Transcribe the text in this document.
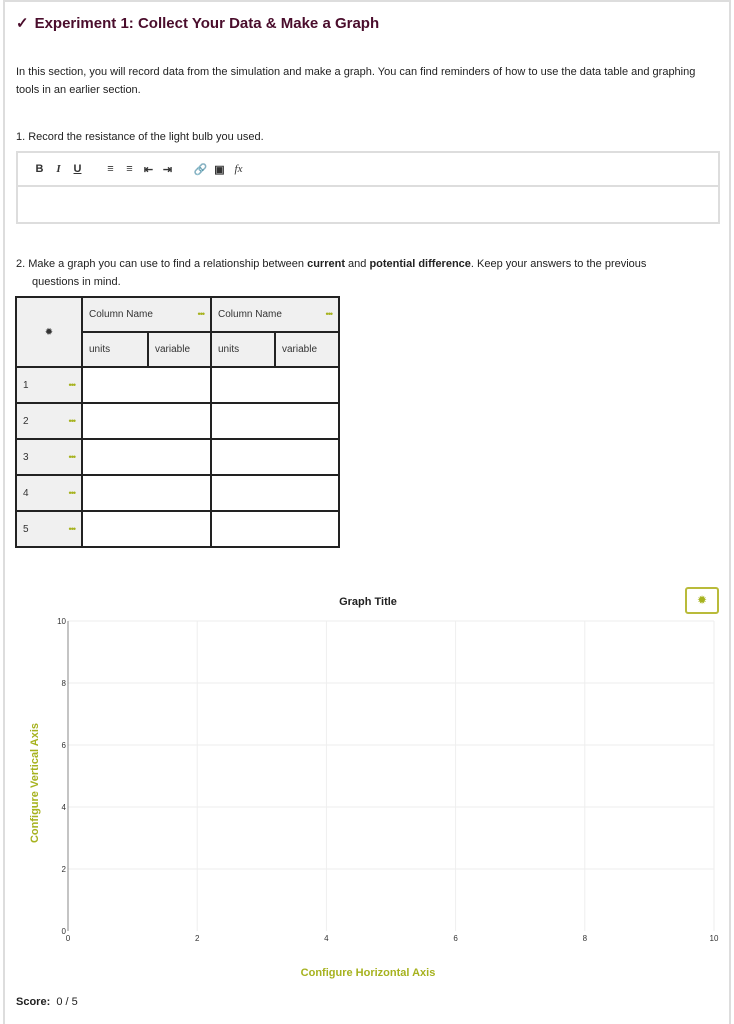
✓ Experiment 1: Collect Your Data & Make a Graph
In this section, you will record data from the simulation and make a graph. You can find reminders of how to use the data table and graphing tools in an earlier section.
1. Record the resistance of the light bulb you used.
B	I	U	≡	≡	⇤ ⇥	🔗 ▣ fx
2. Make a graph you can use to find a relationship between current and potential difference. Keep your answers to the previous
questions in mind.
✹	Column Name •••		Column Name •••	

	units	variable	units	variable
1 •••				

2 •••				

3 •••				

4 •••				

5 •••				

✹
Graph Title
0	2	4	6	8	10
0
2
4
6
8
10
Configure Horizontal Axis
Configure Vertical Axis
Score: 0 / 5
